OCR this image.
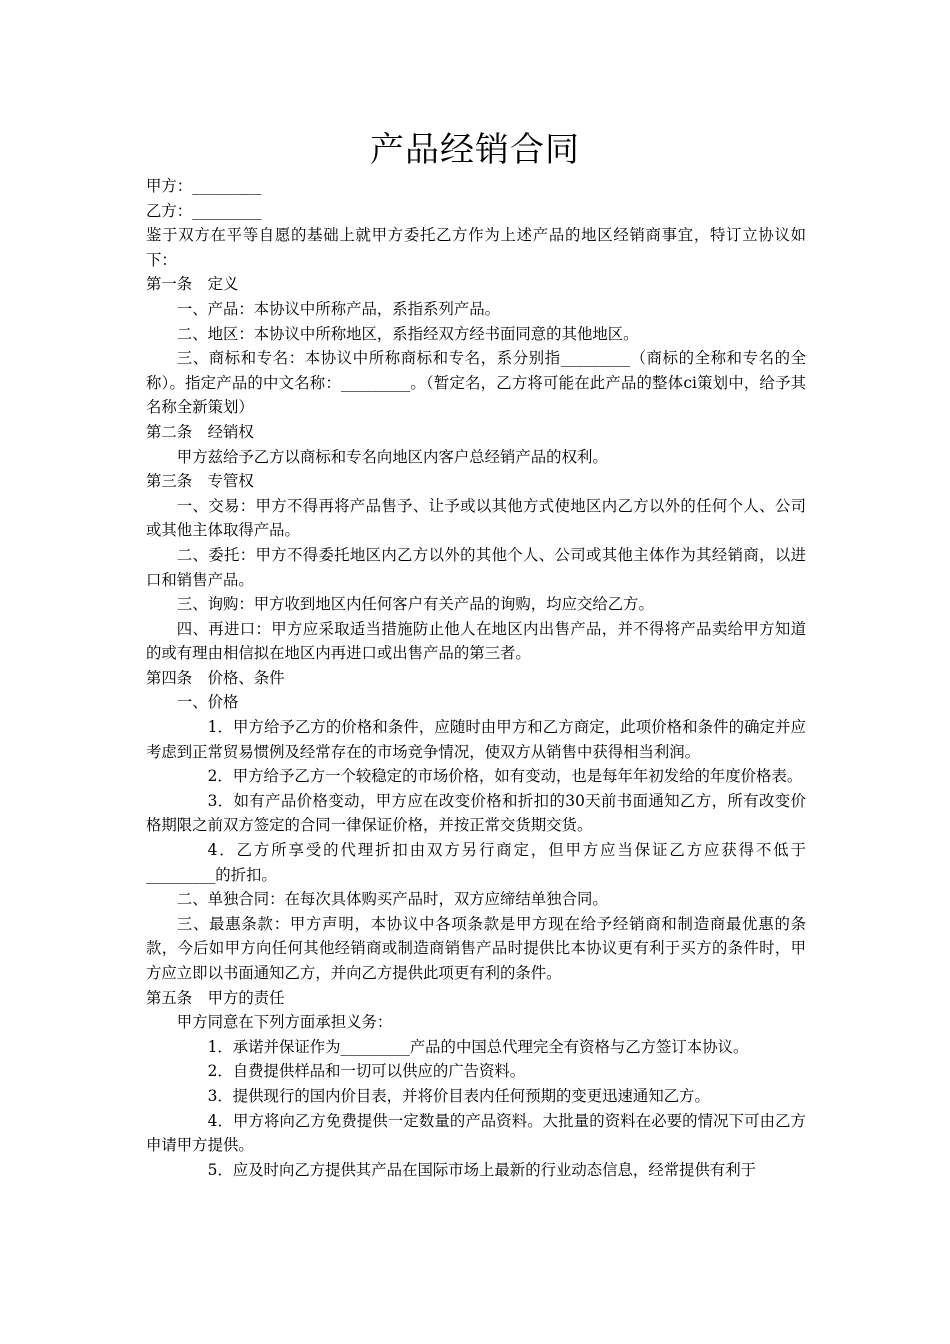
产品经销合同

甲方：_________

乙方：_________

鉴于双方在平等自愿的基础上就甲方委托乙方作为上述产品的地区经销商事宜，特订立协议如下：

第一条　定义

一、产品：本协议中所称产品，系指系列产品。

二、地区：本协议中所称地区，系指经双方经书面同意的其他地区。

三、商标和专名：本协议中所称商标和专名，系分别指_________（商标的全称和专名的全称）。指定产品的中文名称：_________。（暂定名，乙方将可能在此产品的整体ci策划中，给予其名称全新策划）

第二条　经销权

甲方兹给予乙方以商标和专名向地区内客户总经销产品的权利。

第三条　专管权

一、交易：甲方不得再将产品售予、让予或以其他方式使地区内乙方以外的任何个人、公司或其他主体取得产品。

二、委托：甲方不得委托地区内乙方以外的其他个人、公司或其他主体作为其经销商，以进口和销售产品。

三、询购：甲方收到地区内任何客户有关产品的询购，均应交给乙方。

四、再进口：甲方应采取适当措施防止他人在地区内出售产品，并不得将产品卖给甲方知道的或有理由相信拟在地区内再进口或出售产品的第三者。

第四条　价格、条件

一、价格

1．甲方给予乙方的价格和条件，应随时由甲方和乙方商定，此项价格和条件的确定并应考虑到正常贸易惯例及经常存在的市场竞争情况，使双方从销售中获得相当利润。

2．甲方给予乙方一个较稳定的市场价格，如有变动，也是每年年初发给的年度价格表。

3．如有产品价格变动，甲方应在改变价格和折扣的30天前书面通知乙方，所有改变价格期限之前双方签定的合同一律保证价格，并按正常交货期交货。

4．乙方所享受的代理折扣由双方另行商定，但甲方应当保证乙方应获得不低于_________的折扣。

二、单独合同：在每次具体购买产品时，双方应缔结单独合同。

三、最惠条款：甲方声明，本协议中各项条款是甲方现在给予经销商和制造商最优惠的条款，今后如甲方向任何其他经销商或制造商销售产品时提供比本协议更有利于买方的条件时，甲方应立即以书面通知乙方，并向乙方提供此项更有利的条件。

第五条　甲方的责任

甲方同意在下列方面承担义务：

1．承诺并保证作为_________产品的中国总代理完全有资格与乙方签订本协议。

2．自费提供样品和一切可以供应的广告资料。

3．提供现行的国内价目表，并将价目表内任何预期的变更迅速通知乙方。

4．甲方将向乙方免费提供一定数量的产品资料。大批量的资料在必要的情况下可由乙方申请甲方提供。

5．应及时向乙方提供其产品在国际市场上最新的行业动态信息，经常提供有利于
